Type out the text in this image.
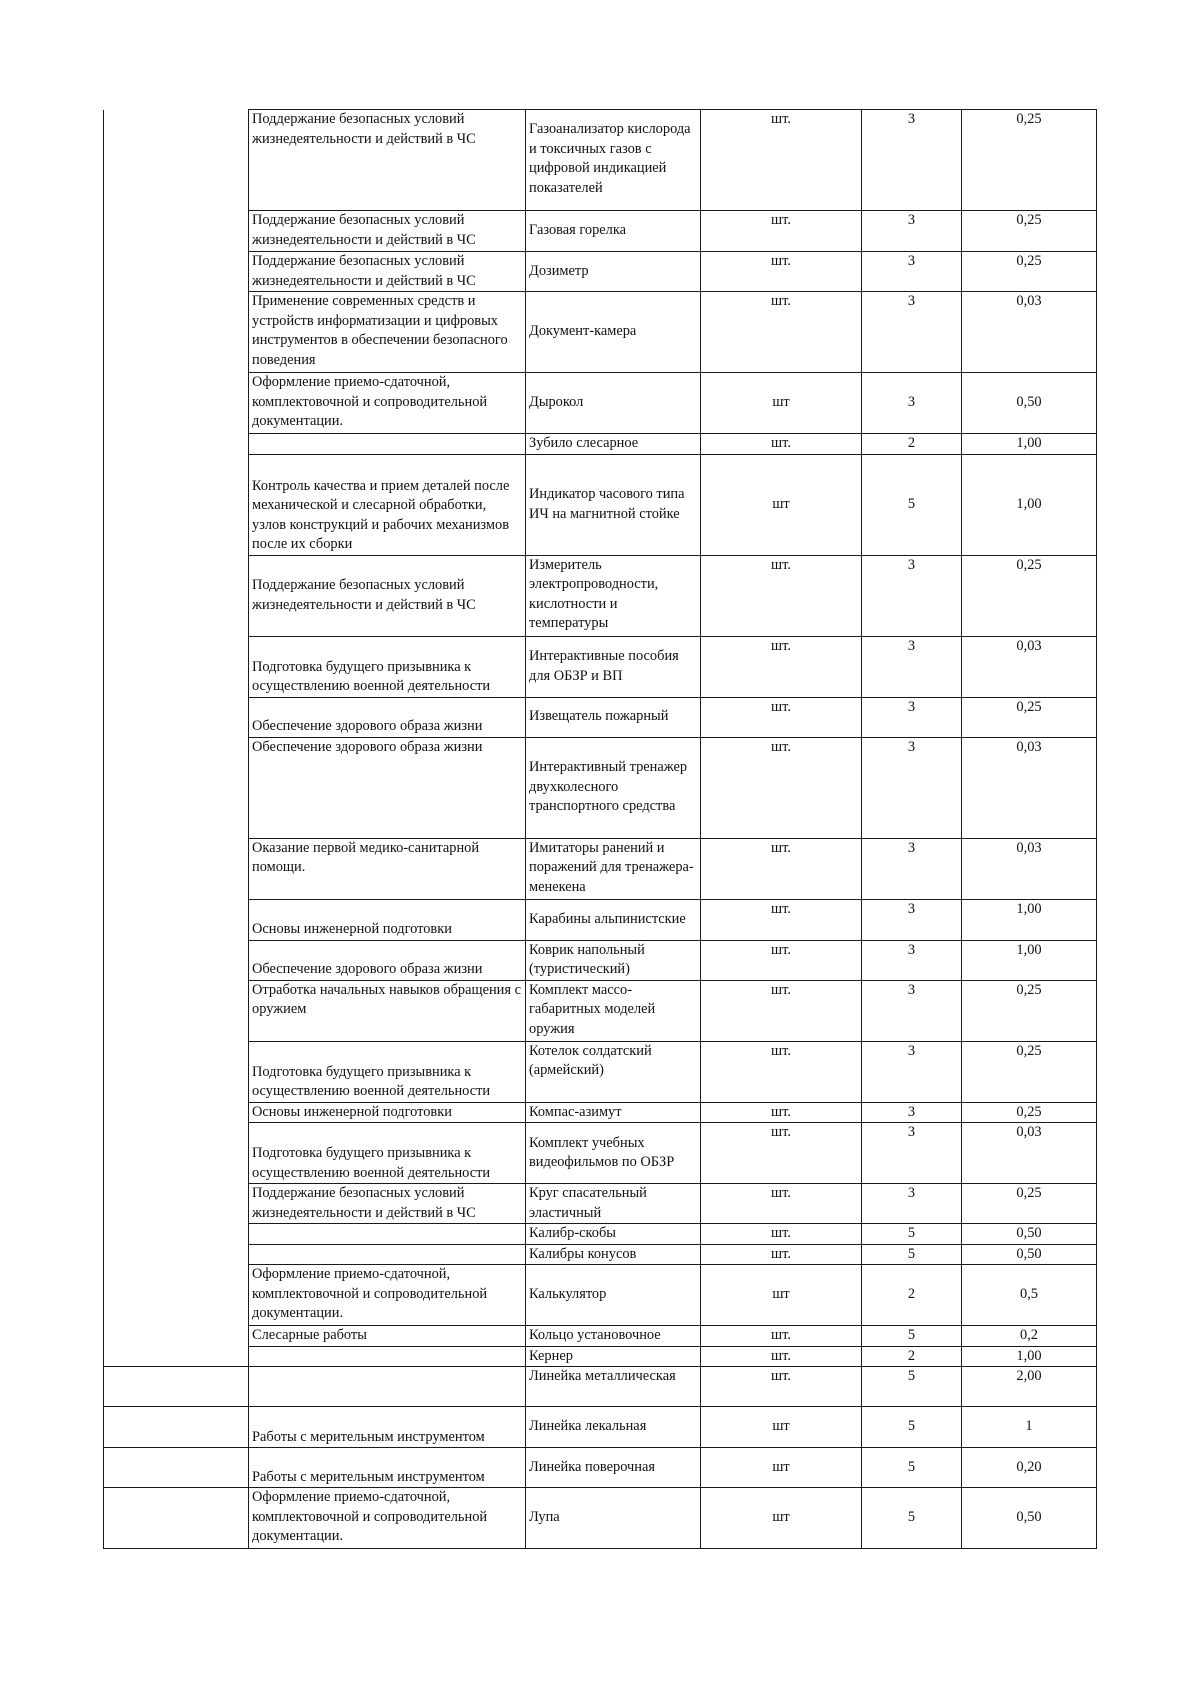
	Поддержание безопасных условий жизнедеятельности и действий в ЧС	Газоанализатор кислорода и токсичных газов с цифровой индикацией показателей	шт.	3	0,25
	Поддержание безопасных условий жизнедеятельности и действий в ЧС	Газовая горелка	шт.	3	0,25
	Поддержание безопасных условий жизнедеятельности и действий в ЧС	Дозиметр	шт.	3	0,25
	Применение современных средств и устройств информатизации и цифровых инструментов в обеспечении безопасного поведения	Документ-камера	шт.	3	0,03
	Оформление приемо-сдаточной, комплектовочной и сопроводительной документации.	Дырокол	шт	3	0,50
		Зубило слесарное	шт.	2	1,00
	Контроль качества и прием деталей после механической и слесарной обработки, узлов конструкций и рабочих механизмов после их сборки	Индикатор часового типа ИЧ на магнитной стойке	шт	5	1,00
	Поддержание безопасных условий жизнедеятельности и действий в ЧС	Измеритель электропроводности, кислотности и температуры	шт.	3	0,25
	Подготовка будущего призывника к осуществлению военной деятельности	Интерактивные пособия для ОБЗР и ВП	шт.	3	0,03
	Обеспечение здорового образа жизни	Извещатель пожарный	шт.	3	0,25
	Обеспечение здорового образа жизни	Интерактивный тренажер двухколесного транспортного средства	шт.	3	0,03
	Оказание первой медико-санитарной помощи.	Имитаторы ранений и поражений для тренажера-менекена	шт.	3	0,03
	Основы инженерной подготовки	Карабины альпинистские	шт.	3	1,00
	Обеспечение здорового образа жизни	Коврик напольный (туристический)	шт.	3	1,00
	Отработка начальных навыков обращения с оружием	Комплект массо-габаритных моделей оружия	шт.	3	0,25
	Подготовка будущего призывника к осуществлению военной деятельности	Котелок солдатский (армейский)	шт.	3	0,25
	Основы инженерной подготовки	Компас-азимут	шт.	3	0,25
	Подготовка будущего призывника к осуществлению военной деятельности	Комплект учебных видеофильмов по ОБЗР	шт.	3	0,03
	Поддержание безопасных условий жизнедеятельности и действий в ЧС	Круг спасательный эластичный	шт.	3	0,25
		Калибр-скобы	шт.	5	0,50
		Калибры конусов	шт.	5	0,50
	Оформление приемо-сдаточной, комплектовочной и сопроводительной документации.	Калькулятор	шт	2	0,5
	Слесарные работы	Кольцо установочное	шт.	5	0,2
		Кернер	шт.	2	1,00
		Линейка металлическая	шт.	5	2,00
	Работы с мерительным инструментом	Линейка лекальная	шт	5	1
	Работы с мерительным инструментом	Линейка поверочная	шт	5	0,20
	Оформление приемо-сдаточной, комплектовочной и сопроводительной документации.	Лупа	шт	5	0,50
